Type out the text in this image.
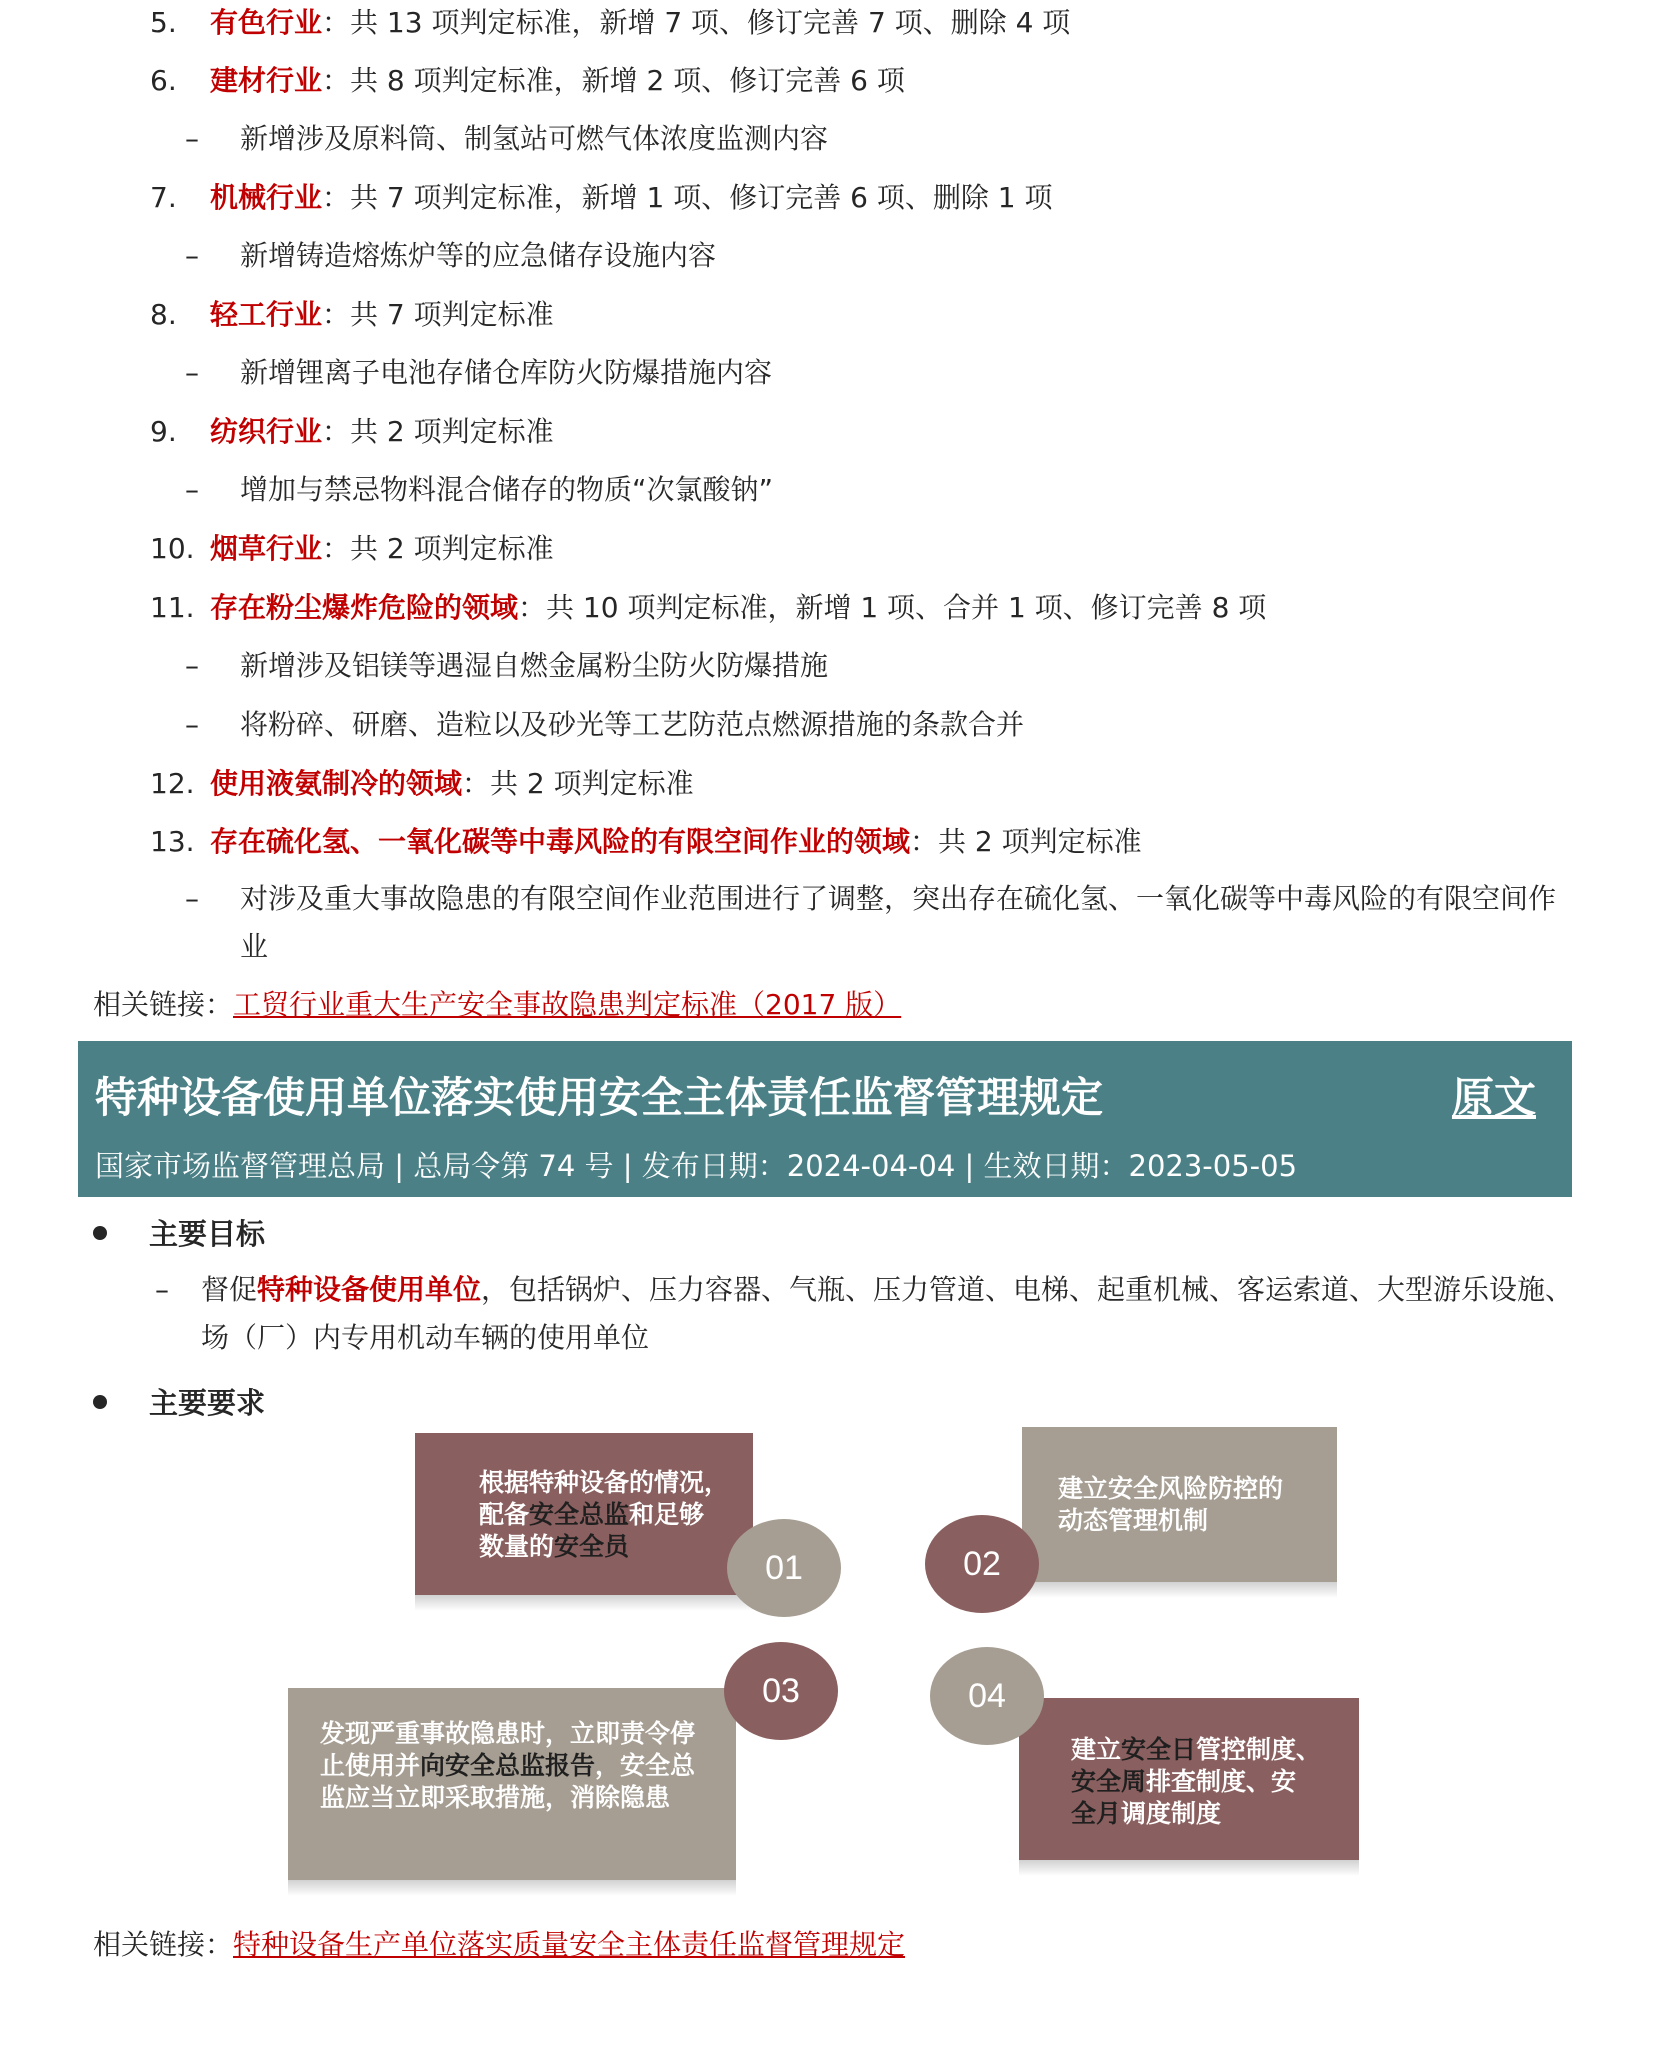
5. 有色行业：共 13 项判定标准，新增 7 项、修订完善 7 项、删除 4 项
6. 建材行业：共 8 项判定标准，新增 2 项、修订完善 6 项
– 新增涉及原料筒、制氢站可燃气体浓度监测内容
7. 机械行业：共 7 项判定标准，新增 1 项、修订完善 6 项、删除 1 项
– 新增铸造熔炼炉等的应急储存设施内容
8. 轻工行业：共 7 项判定标准
– 新增锂离子电池存储仓库防火防爆措施内容
9. 纺织行业：共 2 项判定标准
– 增加与禁忌物料混合储存的物质“次氯酸钠”
10. 烟草行业：共 2 项判定标准
11. 存在粉尘爆炸危险的领域：共 10 项判定标准，新增 1 项、合并 1 项、修订完善 8 项
– 新增涉及铝镁等遇湿自燃金属粉尘防火防爆措施
– 将粉碎、研磨、造粒以及砂光等工艺防范点燃源措施的条款合并
12. 使用液氨制冷的领域：共 2 项判定标准
13. 存在硫化氢、一氧化碳等中毒风险的有限空间作业的领域：共 2 项判定标准
– 对涉及重大事故隐患的有限空间作业范围进行了调整，突出存在硫化氢、一氧化碳等中毒风险的有限空间作业
相关链接：工贸行业重大生产安全事故隐患判定标准（2017 版）
特种设备使用单位落实使用安全主体责任监督管理规定	原文
国家市场监督管理总局 | 总局令第 74 号 | 发布日期：2024-04-04 | 生效日期：2023-05-05
主要目标
– 督促特种设备使用单位，包括锅炉、压力容器、气瓶、压力管道、电梯、起重机械、客运索道、大型游乐设施、场（厂）内专用机动车辆的使用单位
主要要求
根据特种设备的情况，
配备安全总监和足够
数量的安全员
01
建立安全风险防控的
动态管理机制
02
发现严重事故隐患时，立即责令停
止使用并向安全总监报告，安全总
监应当立即采取措施，消除隐患
03
建立安全日管控制度、
安全周排查制度、安
全月调度制度
04
相关链接：特种设备生产单位落实质量安全主体责任监督管理规定
